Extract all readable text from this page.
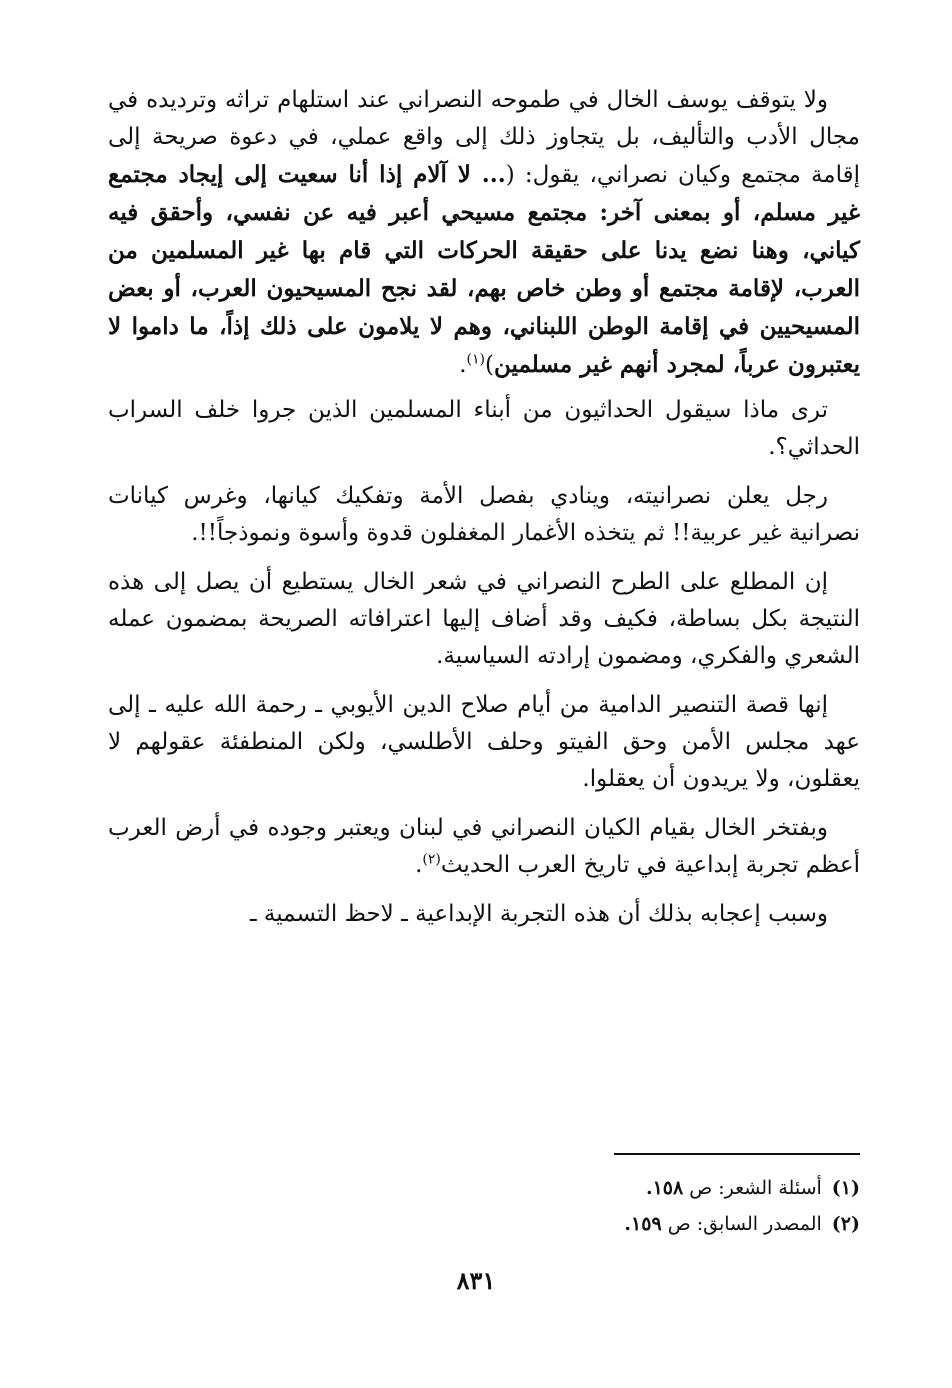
ولا يتوقف يوسف الخال في طموحه النصراني عند استلهام تراثه وترديده في مجال الأدب والتأليف، بل يتجاوز ذلك إلى واقع عملي، في دعوة صريحة إلى إقامة مجتمع وكيان نصراني، يقول: (... لا آلام إذا أنا سعيت إلى إيجاد مجتمع غير مسلم، أو بمعنى آخر: مجتمع مسيحي أعبر فيه عن نفسي، وأحقق فيه كياني، وهنا نضع يدنا على حقيقة الحركات التي قام بها غير المسلمين من العرب، لإقامة مجتمع أو وطن خاص بهم، لقد نجح المسيحيون العرب، أو بعض المسيحيين في إقامة الوطن اللبناني، وهم لا يلامون على ذلك إذاً، ما داموا لا يعتبرون عرباً، لمجرد أنهم غير مسلمين)$^{(١)}$.

ترى ماذا سيقول الحداثيون من أبناء المسلمين الذين جروا خلف السراب الحداثي؟.

رجل يعلن نصرانيته، وينادي بفصل الأمة وتفكيك كيانها، وغرس كيانات نصرانية غير عربية!! ثم يتخذه الأغمار المغفلون قدوة وأسوة ونموذجاً!!.

إن المطلع على الطرح النصراني في شعر الخال يستطيع أن يصل إلى هذه النتيجة بكل بساطة، فكيف وقد أضاف إليها اعترافاته الصريحة بمضمون عمله الشعري والفكري، ومضمون إرادته السياسية.

إنها قصة التنصير الدامية من أيام صلاح الدين الأيوبي ـ رحمة الله عليه ـ إلى عهد مجلس الأمن وحق الفيتو وحلف الأطلسي، ولكن المنطفئة عقولهم لا يعقلون، ولا يريدون أن يعقلوا.

وبفتخر الخال بقيام الكيان النصراني في لبنان ويعتبر وجوده في أرض العرب أعظم تجربة إبداعية في تاريخ العرب الحديث$^{(٢)}$.

وسبب إعجابه بذلك أن هذه التجربة الإبداعية ـ لاحظ التسمية ـ

(١)أسئلة الشعر: ص ١٥٨.

(٢)المصدر السابق: ص ١٥٩.

٨٣١
